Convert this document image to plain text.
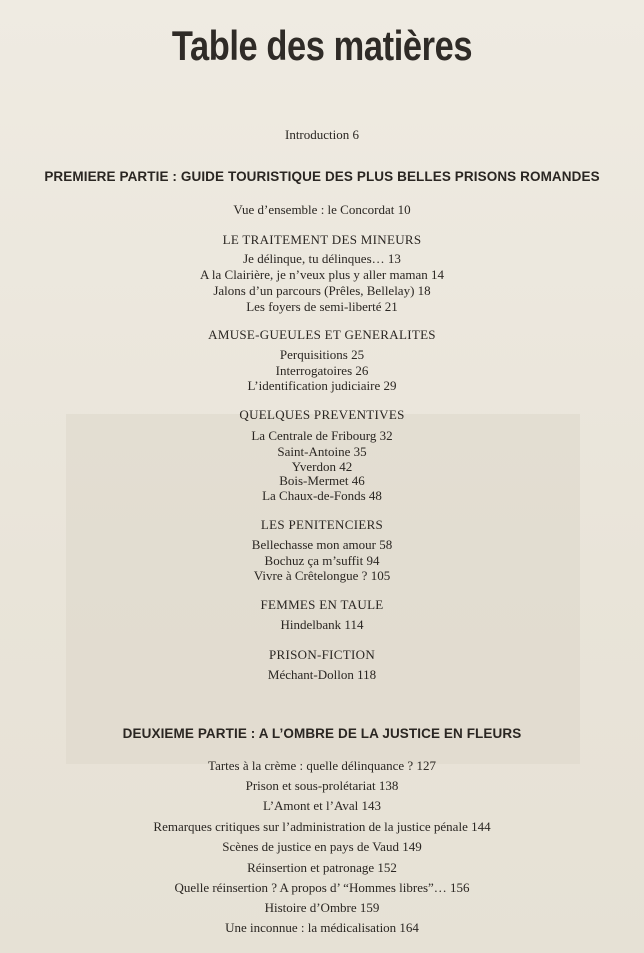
Table des matières
Introduction 6
PREMIERE PARTIE : GUIDE TOURISTIQUE DES PLUS BELLES PRISONS ROMANDES
Vue d’ensemble : le Concordat 10
LE TRAITEMENT DES MINEURS
Je délinque, tu délinques… 13
A la Clairière, je n’veux plus y aller maman 14
Jalons d’un parcours (Prêles, Bellelay) 18
Les foyers de semi-liberté 21
AMUSE-GUEULES ET GENERALITES
Perquisitions 25
Interrogatoires 26
L’identification judiciaire 29
QUELQUES PREVENTIVES
La Centrale de Fribourg 32
Saint-Antoine 35
Yverdon 42
Bois-Mermet 46
La Chaux-de-Fonds 48
LES PENITENCIERS
Bellechasse mon amour 58
Bochuz ça m’suffit 94
Vivre à Crêtelongue ? 105
FEMMES EN TAULE
Hindelbank 114
PRISON-FICTION
Méchant-Dollon 118
DEUXIEME PARTIE : A L’OMBRE DE LA JUSTICE EN FLEURS
Tartes à la crème : quelle délinquance ? 127
Prison et sous-prolétariat 138
L’Amont et l’Aval 143
Remarques critiques sur l’administration de la justice pénale 144
Scènes de justice en pays de Vaud 149
Réinsertion et patronage 152
Quelle réinsertion ? A propos d’ “Hommes libres”… 156
Histoire d’Ombre 159
Une inconnue : la médicalisation 164
